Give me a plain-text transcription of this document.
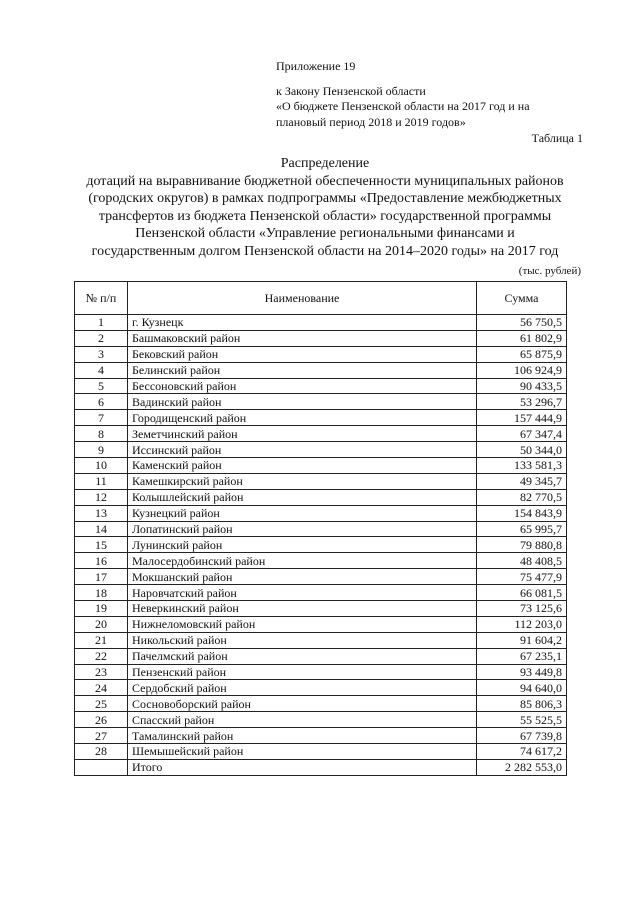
Приложение 19
к Закону Пензенской области
«О бюджете Пензенской области на 2017 год и на
плановый период 2018 и 2019 годов»
Таблица 1
Распределение
дотаций на выравнивание бюджетной обеспеченности муниципальных районов
(городских округов) в рамках подпрограммы «Предоставление межбюджетных
трансфертов из бюджета Пензенской области» государственной программы
Пензенской области «Управление региональными финансами и
государственным долгом Пензенской области на 2014–2020 годы» на 2017 год
(тыс. рублей)
№ п/п	Наименование	Сумма
1	г. Кузнецк	56 750,5
2	Башмаковский район	61 802,9
3	Бековский район	65 875,9
4	Белинский район	106 924,9
5	Бессоновский район	90 433,5
6	Вадинский район	53 296,7
7	Городищенский район	157 444,9
8	Земетчинский район	67 347,4
9	Иссинский район	50 344,0
10	Каменский район	133 581,3
11	Камешкирский район	49 345,7
12	Колышлейский район	82 770,5
13	Кузнецкий район	154 843,9
14	Лопатинский район	65 995,7
15	Лунинский район	79 880,8
16	Малосердобинский район	48 408,5
17	Мокшанский район	75 477,9
18	Наровчатский район	66 081,5
19	Неверкинский район	73 125,6
20	Нижнеломовский район	112 203,0
21	Никольский район	91 604,2
22	Пачелмский район	67 235,1
23	Пензенский район	93 449,8
24	Сердобский район	94 640,0
25	Сосновоборский район	85 806,3
26	Спасский район	55 525,5
27	Тамалинский район	67 739,8
28	Шемышейский район	74 617,2
	Итого	2 282 553,0
